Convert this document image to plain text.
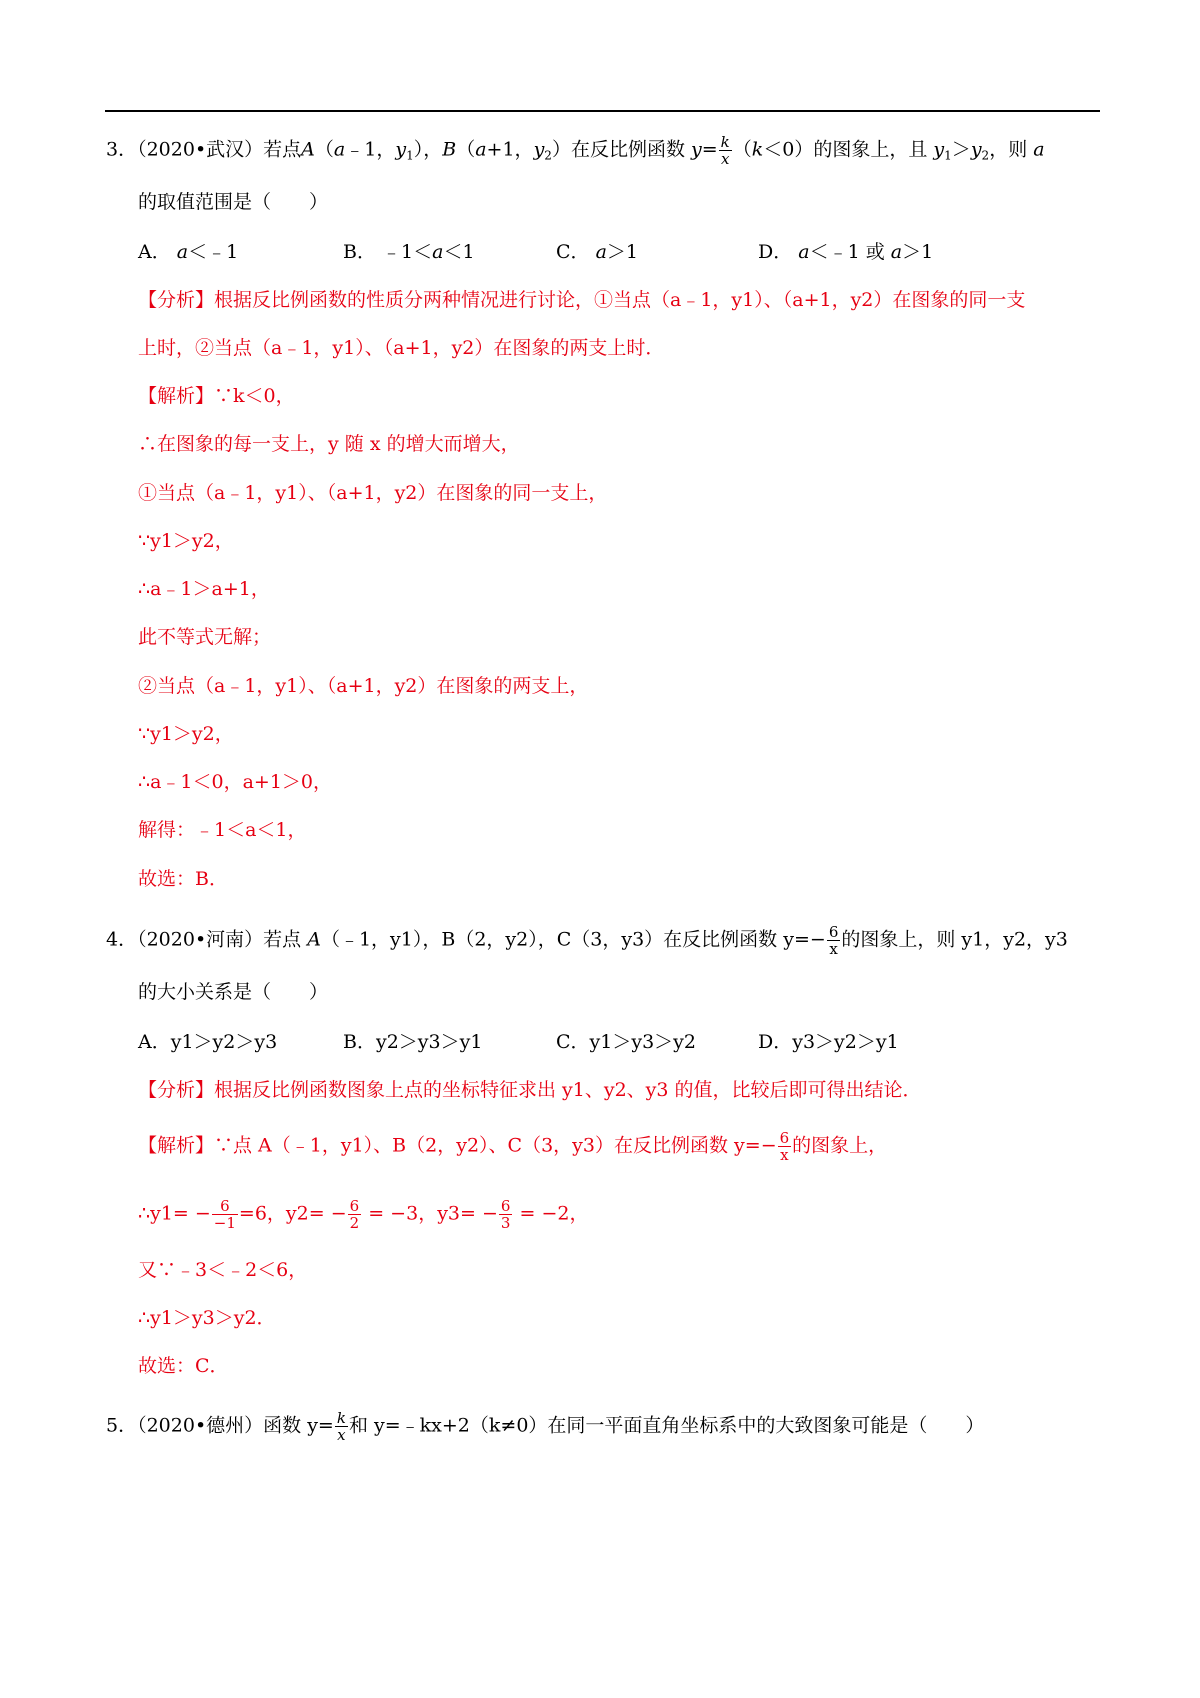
3．（2020•武汉）若点A（a﹣1，$y_1$），B（a+1，$y_2$）在反比例函数 $y= \frac{k}{x} (k<0)$的图象上，且 $y_1>y_2$，则 a
的取值范围是（　　）
A． a＜﹣1	B． ﹣1＜a＜1	C． a＞1	D． a＜﹣1 或 a＞1
【分析】根据反比例函数的性质分两种情况进行讨论，①当点（a﹣1，y1）、（a+1，y2）在图象的同一支
上时，②当点（a﹣1，y1）、（a+1，y2）在图象的两支上时．
【解析】∵k＜0，
∴在图象的每一支上，y 随 x 的增大而增大，
①当点（a﹣1，y1）、（a+1，y2）在图象的同一支上，
∵y1＞y2，
∴a﹣1＞a+1，
此不等式无解；
②当点（a﹣1，y1）、（a+1，y2）在图象的两支上，
∵y1＞y2，
∴a﹣1＜0，a+1＞0，
解得：﹣1＜a＜1，
故选：B．
4．（2020•河南）若点 A（﹣1，y1），B（2，y2），C（3，y3）在反比例函数 $y=- \frac{6}{x}$ 的图象上，则 y1，y2，y3
的大小关系是（　　）
A．y1＞y2＞y3	B．y2＞y3＞y1	C．y1＞y3＞y2	D．y3＞y2＞y1
【分析】根据反比例函数图象上点的坐标特征求出 y1、y2、y3 的值，比较后即可得出结论．
【解析】∵点 A（﹣1，y1）、B（2，y2）、C（3，y3）在反比例函数 $y=- \frac{6}{x}$ 的图象上，
∴y1= − $\frac{6}{-1} =6$，$y2= - \frac{6}{2} = -3$，$y3= - \frac{6}{3} = -2$，
又∵﹣3＜﹣2＜6，
∴y1＞y3＞y2．
故选：C．
5．（2020•德州）函数 $y= \frac{k}{x}$ 和 y=﹣kx+2（k≠0）在同一平面直角坐标系中的大致图象可能是（　　）
